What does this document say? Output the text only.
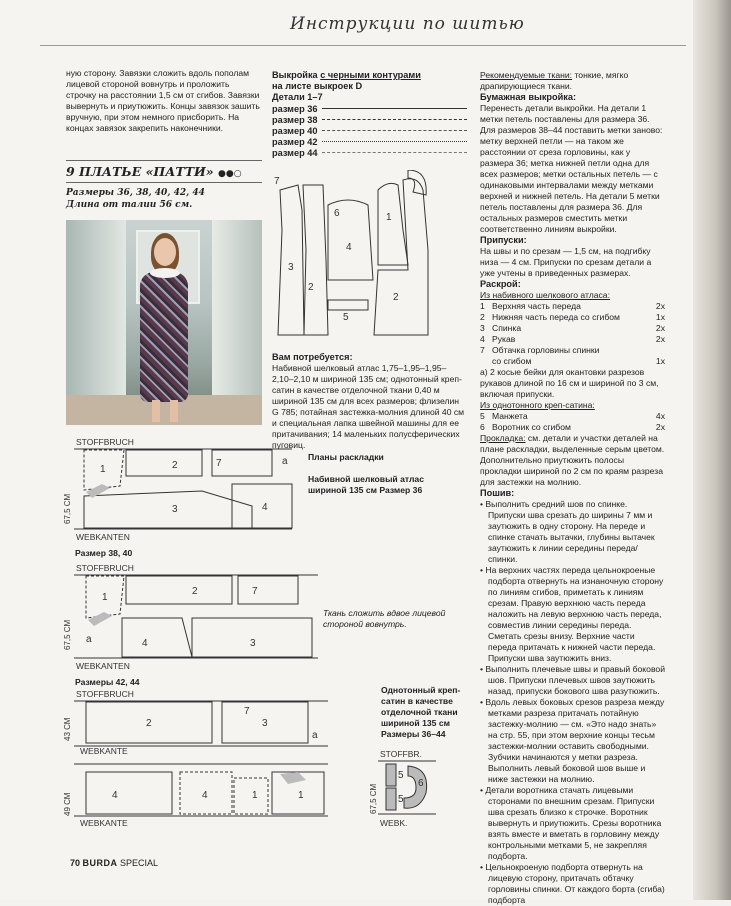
Инструкции по шитью

ную сторону. Завязки сложить вдоль пополам лицевой стороной вовнутрь и проложить строчку на расстоянии 1,5 см от сгибов. Завязки вывернуть и приутюжить. Концы завязок зашить вручную, при этом немного присборить. На концах завязок закрепить наконечники.

9 ПЛАТЬЕ «ПАТТИ» ●●○
Размеры 36, 38, 40, 42, 44
Длина от талии 56 см.
Выкройка с черными контурами
на листе выкроек D
Детали 1–7
размер 36
размер 38
размер 40
размер 42
размер 44
3
2
4
1
2
7
6
5
Вам потребуется:
Набивной шелковый атлас 1,75–1,95–1,95–2,10–2,10 м шириной 135 см; однотонный креп-сатин в качестве отделочной ткани 0,40 м шириной 135 см для всех размеров; флизелин G 785; потайная застежка-молния длиной 40 см и специальная лапка швейной машины для ее притачивания; 14 маленьких полусферических пуговиц.
Планы раскладки

Набивной шелковый атлас шириной 135 см Размер 36
STOFFBRUCH
WEBKANTEN
67,5 СМ
1	2
3	4
7	a
Размер 38, 40
STOFFBRUCH
WEBKANTEN
67,5 СМ
1
2
4	3
7
a
Ткань сложить вдвое лицевой стороной вовнутрь.
Размеры 42, 44
STOFFBRUCH
WEBKANTE
WEBKANTE
43 СМ
49 СМ
2	3
4	4	1	1
a
7
Однотонный креп-сатин в качестве отделочной ткани шириной 135 см Размеры 36–44
STOFFBR.
WEBK.
67,5 СМ
5
5
6

Рекомендуемые ткани: тонкие, мягко драпирующиеся ткани.

Бумажная выкройка:

Перенесть детали выкройки. На детали 1 метки петель поставлены для размера 36. Для размеров 38–44 поставить метки заново: метку верхней петли — на таком же расстоянии от среза горловины, как у размера 36; метка нижней петли одна для всех размеров; метки остальных петель — с одинаковыми интервалами между метками верхней и нижней петель. На детали 5 метки петель поставлены для размера 36. Для остальных размеров сместить метки соответственно линиям выкройки.

Припуски:

На швы и по срезам — 1,5 см, на подгибку низа — 4 см. Припуски по срезам детали а уже учтены в приведенных размерах.

Раскрой:

Из набивного шелкового атласа:

1 Верхняя часть переда	2x
2 Нижняя часть переда со сгибом	1x
3 Спинка	2x
4 Рукав	2x
7 Обтачка горловины спинки
со сгибом	1x

а) 2 косые бейки для окантовки разрезов рукавов длиной по 16 см и шириной по 3 см, включая припуски.

Из однотонного креп-сатина:

5 Манжета	4x
6 Воротник со сгибом	2x

Прокладка: см. детали и участки деталей на плане раскладки, выделенные серым цветом. Дополнительно приутюжить полосы прокладки шириной по 2 см по краям разреза для застежки на молнию.

Пошив:

• Выполнить средний шов по спинке. Припуски шва срезать до ширины 7 мм и заутюжить в одну сторону. На переде и спинке стачать вытачки, глубины вытачек заутюжить к линии середины переда/спинки.

• На верхних частях переда цельнокроеные подборта отвернуть на изнаночную сторону по линиям сгибов, приметать к линиям срезам. Правую верхнюю часть переда наложить на левую верхнюю часть переда, совместив линии середины переда. Сметать срезы внизу. Верхние части переда притачать к нижней части переда. Припуски шва заутюжить вниз.

• Выполнить плечевые швы и правый боковой шов. Припуски плечевых швов заутюжить назад, припуски бокового шва разутюжить.

• Вдоль левых боковых срезов разреза между метками разреза притачать потайную застежку-молнию — см. «Это надо знать» на стр. 55, при этом верхние концы тесьм застежки-молнии оставить свободными. Зубчики начинаются у метки разреза. Выполнить левый боковой шов выше и ниже застежки на молнию.

• Детали воротника стачать лицевыми сторонами по внешним срезам. Припуски шва срезать близко к строчке. Воротник вывернуть и приутюжить. Срезы воротника взять вместе и вметать в горловину между контрольными метками 5, не закрепляя подборта.

• Цельнокроеную подборта отвернуть на лицевую сторону, притачать обтачку горловины спинки. От каждого борта (сгиба) подборта

70 BURDA SPECIAL
